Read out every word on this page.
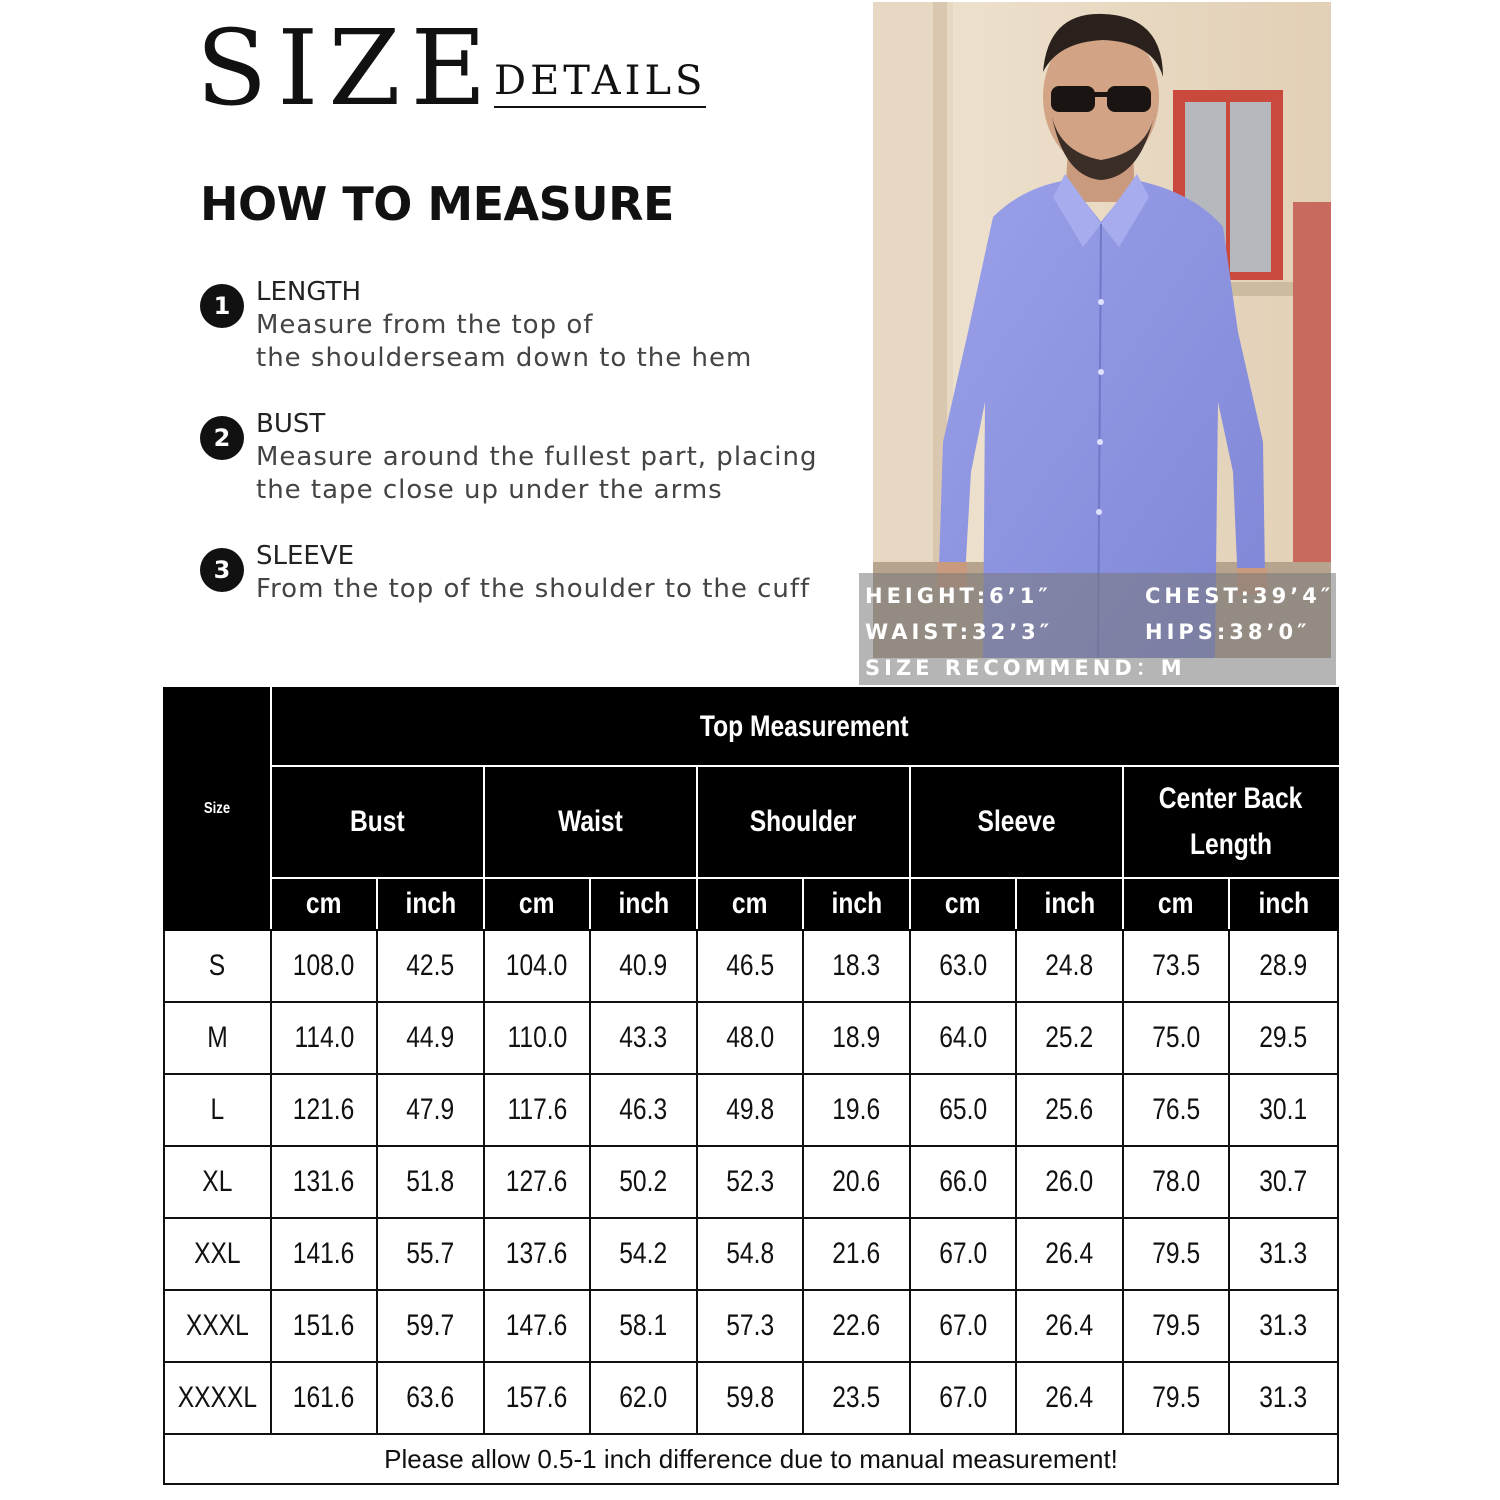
SIZE
DETAILS
HOW TO MEASURE
1 LENGTH
Measure from the top of
the shoulderseam down to the hem
2 BUST
Measure around the fullest part, placing
the tape close up under the arms
3 SLEEVE
From the top of the shoulder to the cuff	HEIGHT:6’1″	CHEST:39’4″
WAIST:32’3″	HIPS:38’0″
SIZE RECOMMEND：M
Size	Top Measurement									
	Bust		Waist		Shoulder		Sleeve		Center Back
Length	
	cm	inch	cm	inch	cm	inch	cm	inch	cm	inch
S	108.0	42.5	104.0	40.9	46.5	18.3	63.0	24.8	73.5	28.9
M	114.0	44.9	110.0	43.3	48.0	18.9	64.0	25.2	75.0	29.5
L	121.6	47.9	117.6	46.3	49.8	19.6	65.0	25.6	76.5	30.1
XL	131.6	51.8	127.6	50.2	52.3	20.6	66.0	26.0	78.0	30.7
XXL	141.6	55.7	137.6	54.2	54.8	21.6	67.0	26.4	79.5	31.3
XXXL	151.6	59.7	147.6	58.1	57.3	22.6	67.0	26.4	79.5	31.3
XXXXL	161.6	63.6	157.6	62.0	59.8	23.5	67.0	26.4	79.5	31.3
Please allow 0.5-1 inch difference due to manual measurement!										
